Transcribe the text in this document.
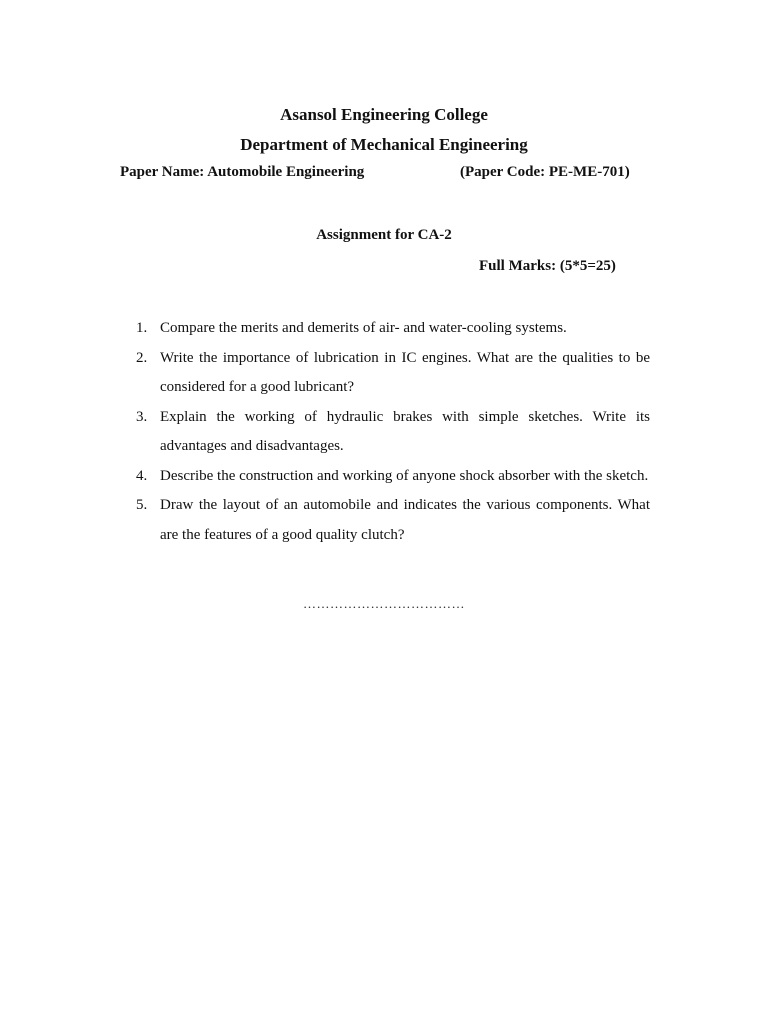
Asansol Engineering College
Department of Mechanical Engineering
Paper Name: Automobile Engineering	(Paper Code: PE-ME-701)
Assignment for CA-2
Full Marks: (5*5=25)
1. Compare the merits and demerits of air- and water-cooling systems.
2. Write the importance of lubrication in IC engines. What are the qualities to be considered for a good lubricant?
3. Explain the working of hydraulic brakes with simple sketches. Write its advantages and disadvantages.
4. Describe the construction and working of anyone shock absorber with the sketch.
5. Draw the layout of an automobile and indicates the various components. What are the features of a good quality clutch?
………………………………
